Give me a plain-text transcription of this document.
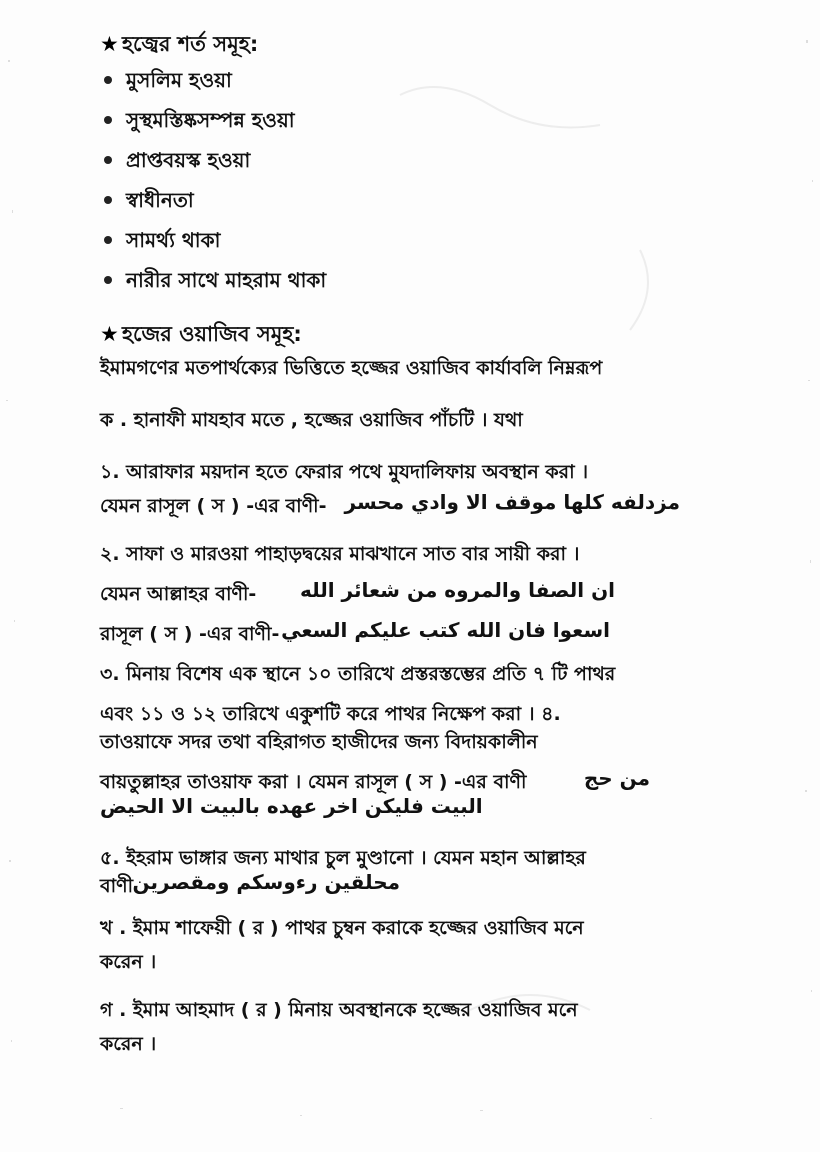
★ হজ্বের শর্ত সমূহ:
মুসলিম হওয়া
সুস্থমস্তিষ্কসম্পন্ন হওয়া
প্রাপ্তবয়স্ক হওয়া
স্বাধীনতা
সামর্থ্য থাকা
নারীর সাথে মাহরাম থাকা
★ হজের ওয়াজিব সমূহ:
ইমামগণের মতপার্থক্যের ভিত্তিতে হজ্জের ওয়াজিব কার্যাবলি নিম্নরূপ
ক . হানাফী মাযহাব মতে , হজ্জের ওয়াজিব পাঁচটি । যথা
১. আরাফার ময়দান হতে ফেরার পথে মুযদালিফায় অবস্থান করা ।
যেমন রাসূল ( স ) -এর বাণী- مزدلفه كلها موقف الا وادي محسر
২. সাফা ও মারওয়া পাহাড়দ্বয়ের মাঝখানে সাত বার সায়ী করা ।
যেমন আল্লাহর বাণী- ان الصفا والمروه من شعائر الله
রাসূল ( স ) -এর বাণী- اسعوا فان الله كتب عليكم السعي
৩. মিনায় বিশেষ এক স্থানে ১০ তারিখে প্রস্তরস্তম্ভের প্রতি ৭ টি পাথর
এবং ১১ ও ১২ তারিখে একুশটি করে পাথর নিক্ষেপ করা । ৪.
তাওয়াফে সদর তথা বহিরাগত হাজীদের জন্য বিদায়কালীন
বায়তুল্লাহর তাওয়াফ করা । যেমন রাসূল ( স ) -এর বাণী	من حج
البيت فليكن اخر عهده بالبيت الا الحيض
৫. ইহরাম ভাঙ্গার জন্য মাথার চুল মুণ্ডানো । যেমন মহান আল্লাহর
বাণী محلقين رءوسكم ومقصرين
খ . ইমাম শাফেয়ী ( র ) পাথর চুম্বন করাকে হজ্জের ওয়াজিব মনে
করেন ।
গ . ইমাম আহমাদ ( র ) মিনায় অবস্থানকে হজ্জের ওয়াজিব মনে
করেন ।
